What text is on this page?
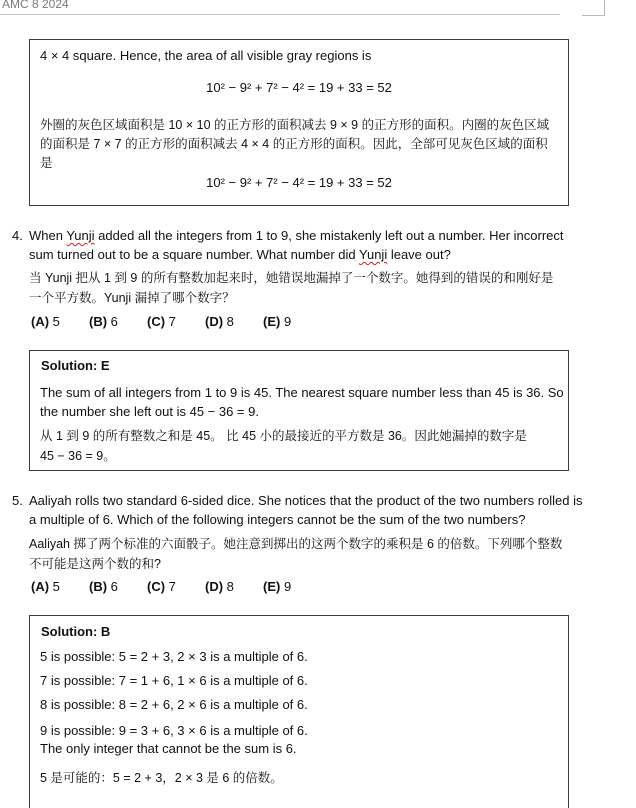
AMC 8 2024
4 × 4 square. Hence, the area of all visible gray regions is
10² − 9² + 7² − 4² = 19 + 33 = 52
外圈的灰色区域面积是 10 × 10 的正方形的面积减去 9 × 9 的正方形的面积。内圈的灰色区域
的面积是 7 × 7 的正方形的面积减去 4 × 4 的正方形的面积。因此，全部可见灰色区域的面积
是
10² − 9² + 7² − 4² = 19 + 33 = 52
4. When Yunji added all the integers from 1 to 9, she mistakenly left out a number. Her incorrect
sum turned out to be a square number. What number did Yunji leave out?
当 Yunji 把从 1 到 9 的所有整数加起来时，她错误地漏掉了一个数字。她得到的错误的和刚好是
一个平方数。Yunji 漏掉了哪个数字？
(A) 5 (B) 6 (C) 7 (D) 8 (E) 9
Solution: E
The sum of all integers from 1 to 9 is 45. The nearest square number less than 45 is 36. So
the number she left out is 45 − 36 = 9.
从 1 到 9 的所有整数之和是 45。 比 45 小的最接近的平方数是 36。因此她漏掉的数字是
45 − 36 = 9。
5. Aaliyah rolls two standard 6-sided dice. She notices that the product of the two numbers rolled is
a multiple of 6. Which of the following integers cannot be the sum of the two numbers?
Aaliyah 掷了两个标准的六面骰子。她注意到掷出的这两个数字的乘积是 6 的倍数。下列哪个整数
不可能是这两个数的和?
(A) 5 (B) 6 (C) 7 (D) 8 (E) 9
Solution: B
5 is possible: 5 = 2 + 3, 2 × 3 is a multiple of 6.
7 is possible: 7 = 1 + 6, 1 × 6 is a multiple of 6.
8 is possible: 8 = 2 + 6, 2 × 6 is a multiple of 6.
9 is possible: 9 = 3 + 6, 3 × 6 is a multiple of 6.
The only integer that cannot be the sum is 6.
5 是可能的：5 = 2 + 3，2 × 3 是 6 的倍数。
